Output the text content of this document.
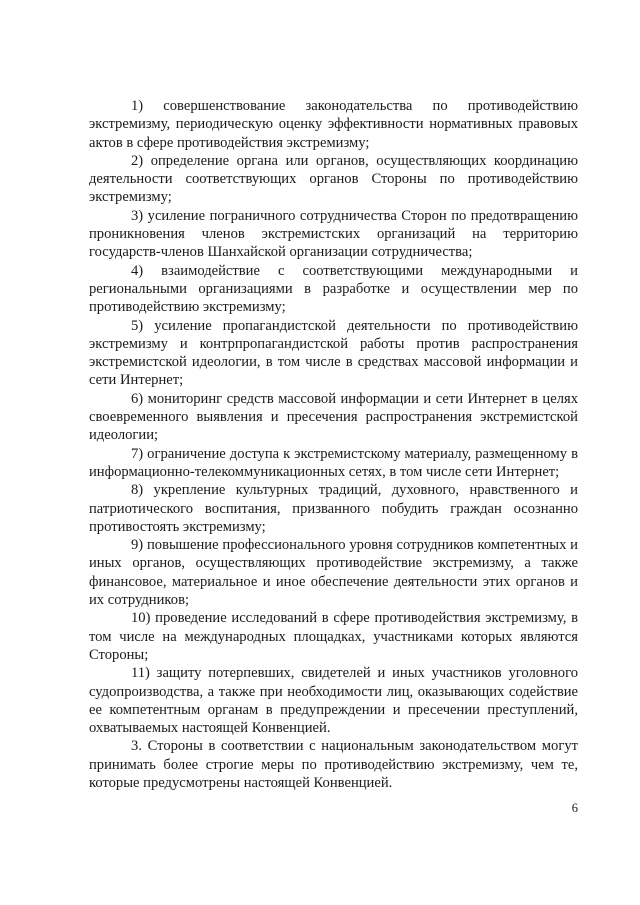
1) совершенствование законодательства по противодействию экстремизму, периодическую оценку эффективности нормативных правовых актов в сфере противодействия экстремизму;

2) определение органа или органов, осуществляющих координацию деятельности соответствующих органов Стороны по противодействию экстремизму;

3) усиление пограничного сотрудничества Сторон по предотвращению проникновения членов экстремистских организаций на территорию государств-членов Шанхайской организации сотрудничества;

4) взаимодействие с соответствующими международными и региональными организациями в разработке и осуществлении мер по противодействию экстремизму;

5) усиление пропагандистской деятельности по противодействию экстремизму и контрпропагандистской работы против распространения экстремистской идеологии, в том числе в средствах массовой информации и сети Интернет;

6) мониторинг средств массовой информации и сети Интернет в целях своевременного выявления и пресечения распространения экстремистской идеологии;

7) ограничение доступа к экстремистскому материалу, размещенному в информационно-телекоммуникационных сетях, в том числе сети Интернет;

8) укрепление культурных традиций, духовного, нравственного и патриотического воспитания, призванного побудить граждан осознанно противостоять экстремизму;

9) повышение профессионального уровня сотрудников компетентных и иных органов, осуществляющих противодействие экстремизму, а также финансовое, материальное и иное обеспечение деятельности этих органов и их сотрудников;

10) проведение исследований в сфере противодействия экстремизму, в том числе на международных площадках, участниками которых являются Стороны;

11) защиту потерпевших, свидетелей и иных участников уголовного судопроизводства, а также при необходимости лиц, оказывающих содействие ее компетентным органам в предупреждении и пресечении преступлений, охватываемых настоящей Конвенцией.

3. Стороны в соответствии с национальным законодательством могут принимать более строгие меры по противодействию экстремизму, чем те, которые предусмотрены настоящей Конвенцией.

6
